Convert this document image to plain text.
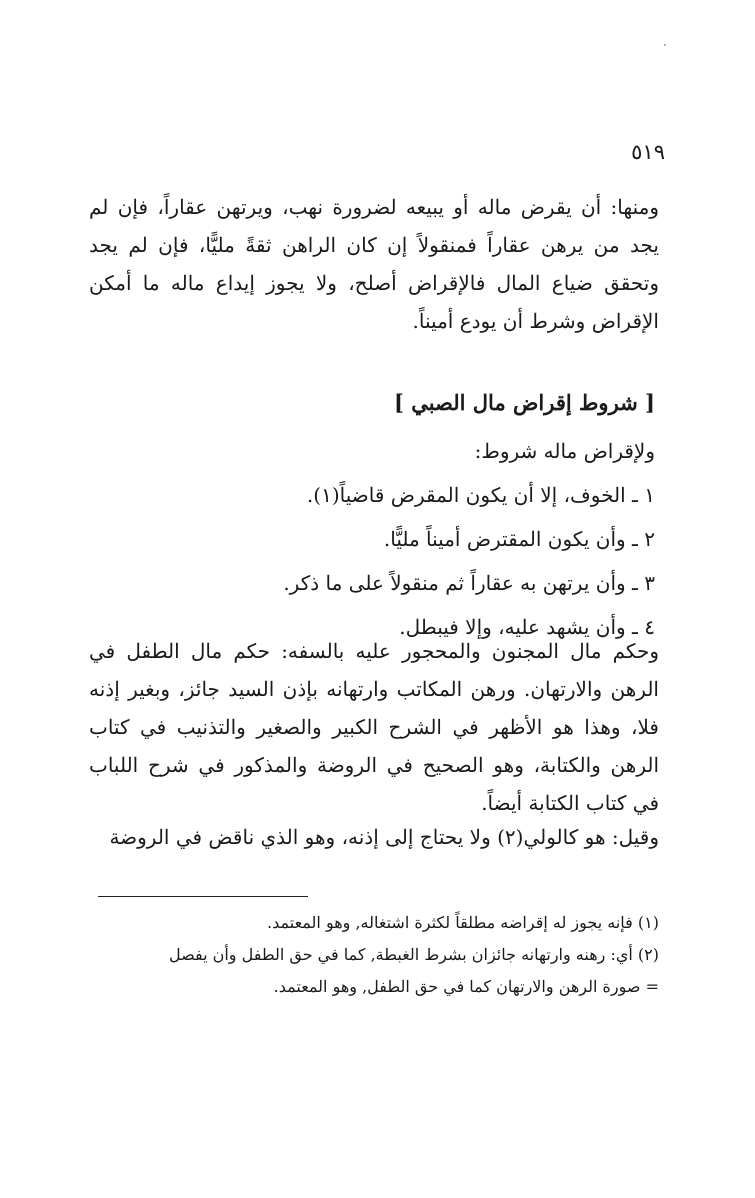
٥١٩

ومنها: أن يقرض ماله أو يبيعه لضرورة نهب، ويرتهن عقاراً، فإن لم يجد من يرهن عقاراً فمنقولاً إن كان الراهن ثقةً مليًّا، فإن لم يجد وتحقق ضياع المال فالإقراض أصلح، ولا يجوز إيداع ماله ما أمكن الإقراض وشرط أن يودع أميناً.

[ شروط إقراض مال الصبي ]
ولإقراض ماله شروط:
١ ـ الخوف، إلا أن يكون المقرض قاضياً(١).
٢ ـ وأن يكون المقترض أميناً مليًّا.
٣ ـ وأن يرتهن به عقاراً ثم منقولاً على ما ذكر.
٤ ـ وأن يشهد عليه، وإلا فيبطل.

وحكم مال المجنون والمحجور عليه بالسفه: حكم مال الطفل في الرهن والارتهان. ورهن المكاتب وارتهانه بإذن السيد جائز، وبغير إذنه فلا، وهذا هو الأظهر في الشرح الكبير والصغير والتذنيب في كتاب الرهن والكتابة، وهو الصحيح في الروضة والمذكور في شرح اللباب في كتاب الكتابة أيضاً.

وقيل: هو كالولي(٢) ولا يحتاج إلى إذنه، وهو الذي ناقض في الروضة

(١) فإنه يجوز له إقراضه مطلقاً لكثرة اشتغاله, وهو المعتمد.
(٢) أي: رهنه وارتهانه جائزان بشرط الغبطة, كما في حق الطفل وأن يفصل
= صورة الرهن والارتهان كما في حق الطفل, وهو المعتمد.
